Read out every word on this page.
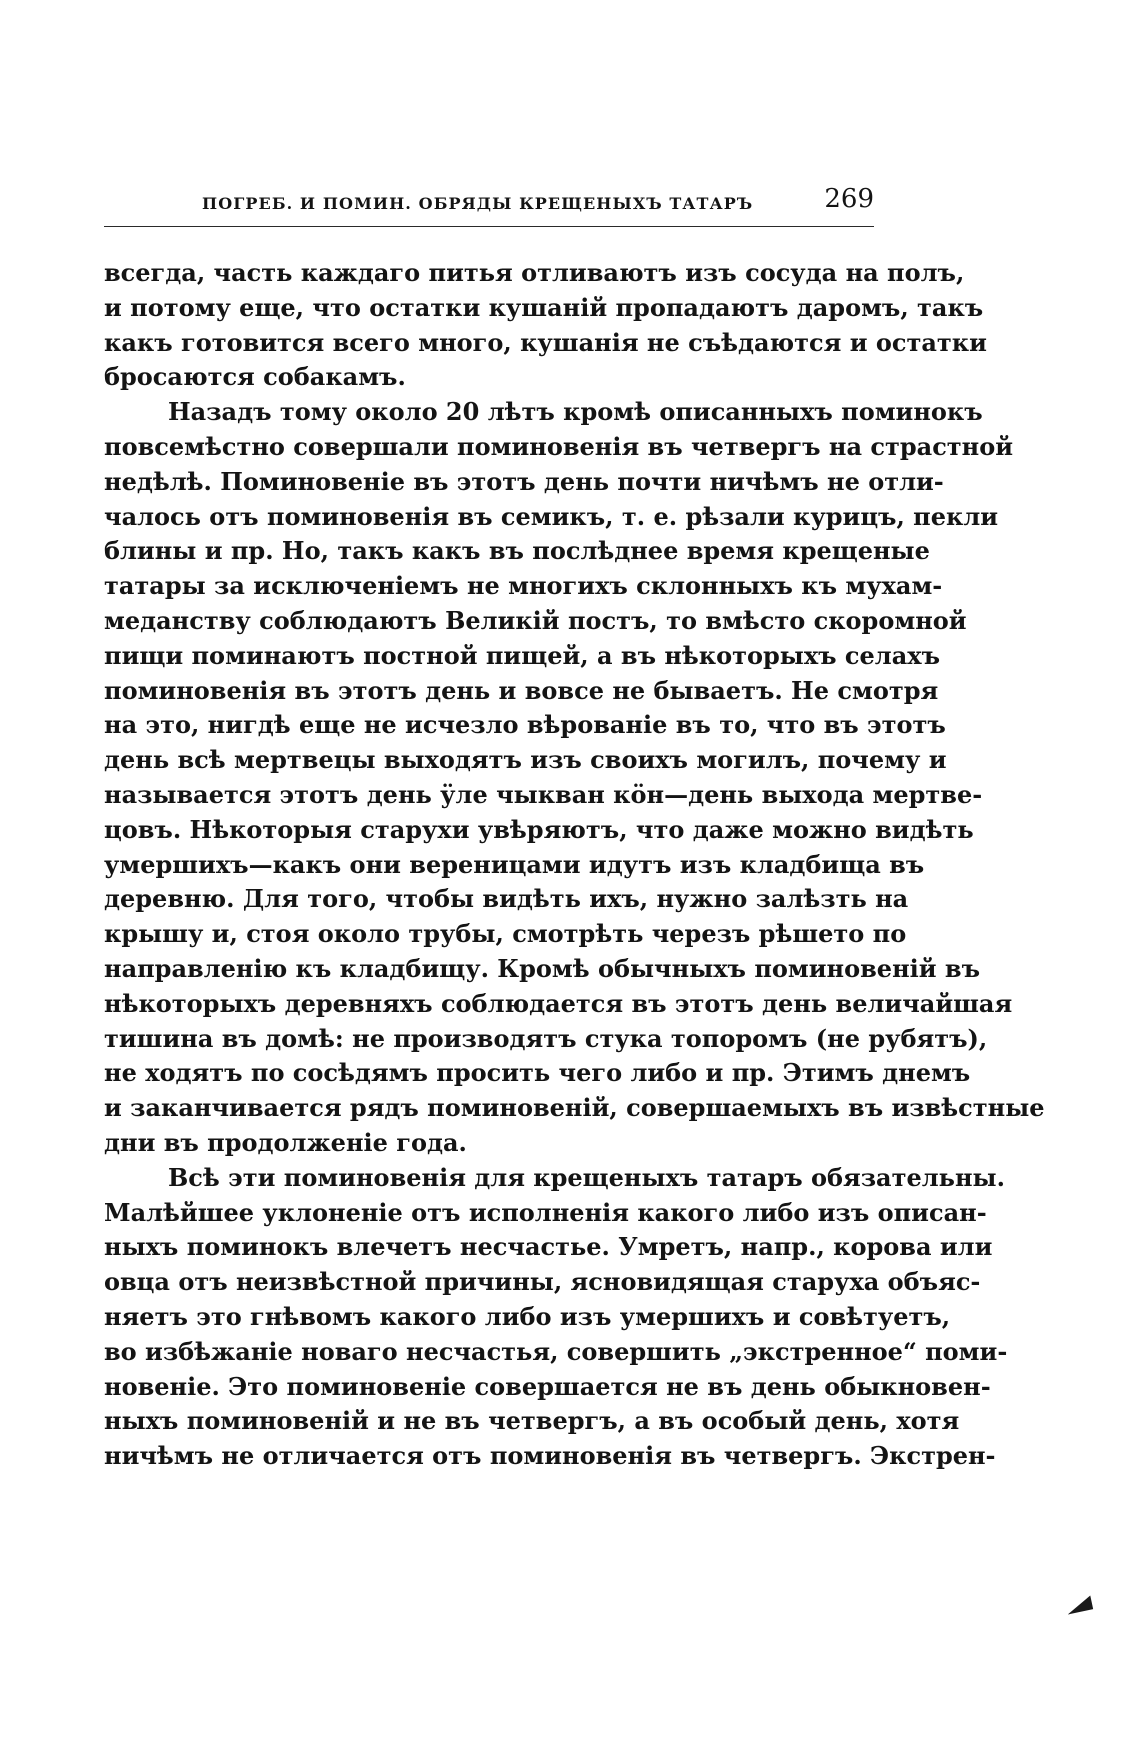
ПОГРЕБ. И ПОМИН. ОБРЯДЫ КРЕЩЕНЫХЪ ТАТАРЪ	269
всегда, часть каждаго питья отливаютъ изъ сосуда на полъ,
и потому еще, что остатки кушаній пропадаютъ даромъ, такъ
какъ готовится всего много, кушанія не съѣдаются и остатки
бросаются собакамъ.
Назадъ тому около 20 лѣтъ кромѣ описанныхъ поминокъ
повсемѣстно совершали поминовенія въ четвергъ на страстной
недѣлѣ. Поминовеніе въ этотъ день почти ничѣмъ не отли-
чалось отъ поминовенія въ семикъ, т. е. рѣзали курицъ, пекли
блины и пр. Но, такъ какъ въ послѣднее время крещеные
татары за исключеніемъ не многихъ склонныхъ къ мухам-
меданству соблюдаютъ Великій постъ, то вмѣсто скоромной
пищи поминаютъ постной пищей, а въ нѣкоторыхъ селахъ
поминовенія въ этотъ день и вовсе не бываетъ. Не смотря
на это, нигдѣ еще не исчезло вѣрованіе въ то, что въ этотъ
день всѣ мертвецы выходятъ изъ своихъ могилъ, почему и
называется этотъ день ӱле чыкван кӧн—день выхода мертве-
цовъ. Нѣкоторыя старухи увѣряютъ, что даже можно видѣть
умершихъ—какъ они вереницами идутъ изъ кладбища въ
деревню. Для того, чтобы видѣть ихъ, нужно залѣзть на
крышу и, стоя около трубы, смотрѣть черезъ рѣшето по
направленію къ кладбищу. Кромѣ обычныхъ поминовеній въ
нѣкоторыхъ деревняхъ соблюдается въ этотъ день величайшая
тишина въ домѣ: не производятъ стука топоромъ (не рубятъ),
не ходятъ по сосѣдямъ просить чего либо и пр. Этимъ днемъ
и заканчивается рядъ поминовеній, совершаемыхъ въ извѣстные
дни въ продолженіе года.
Всѣ эти поминовенія для крещеныхъ татаръ обязательны.
Малѣйшее уклоненіе отъ исполненія какого либо изъ описан-
ныхъ поминокъ влечетъ несчастье. Умретъ, напр., корова или
овца отъ неизвѣстной причины, ясновидящая старуха объяс-
няетъ это гнѣвомъ какого либо изъ умершихъ и совѣтуетъ,
во избѣжаніе новаго несчастья, совершить „экстренное“ поми-
новеніе. Это поминовеніе совершается не въ день обыкновен-
ныхъ поминовеній и не въ четвергъ, а въ особый день, хотя
ничѣмъ не отличается отъ поминовенія въ четвергъ. Экстрен-
